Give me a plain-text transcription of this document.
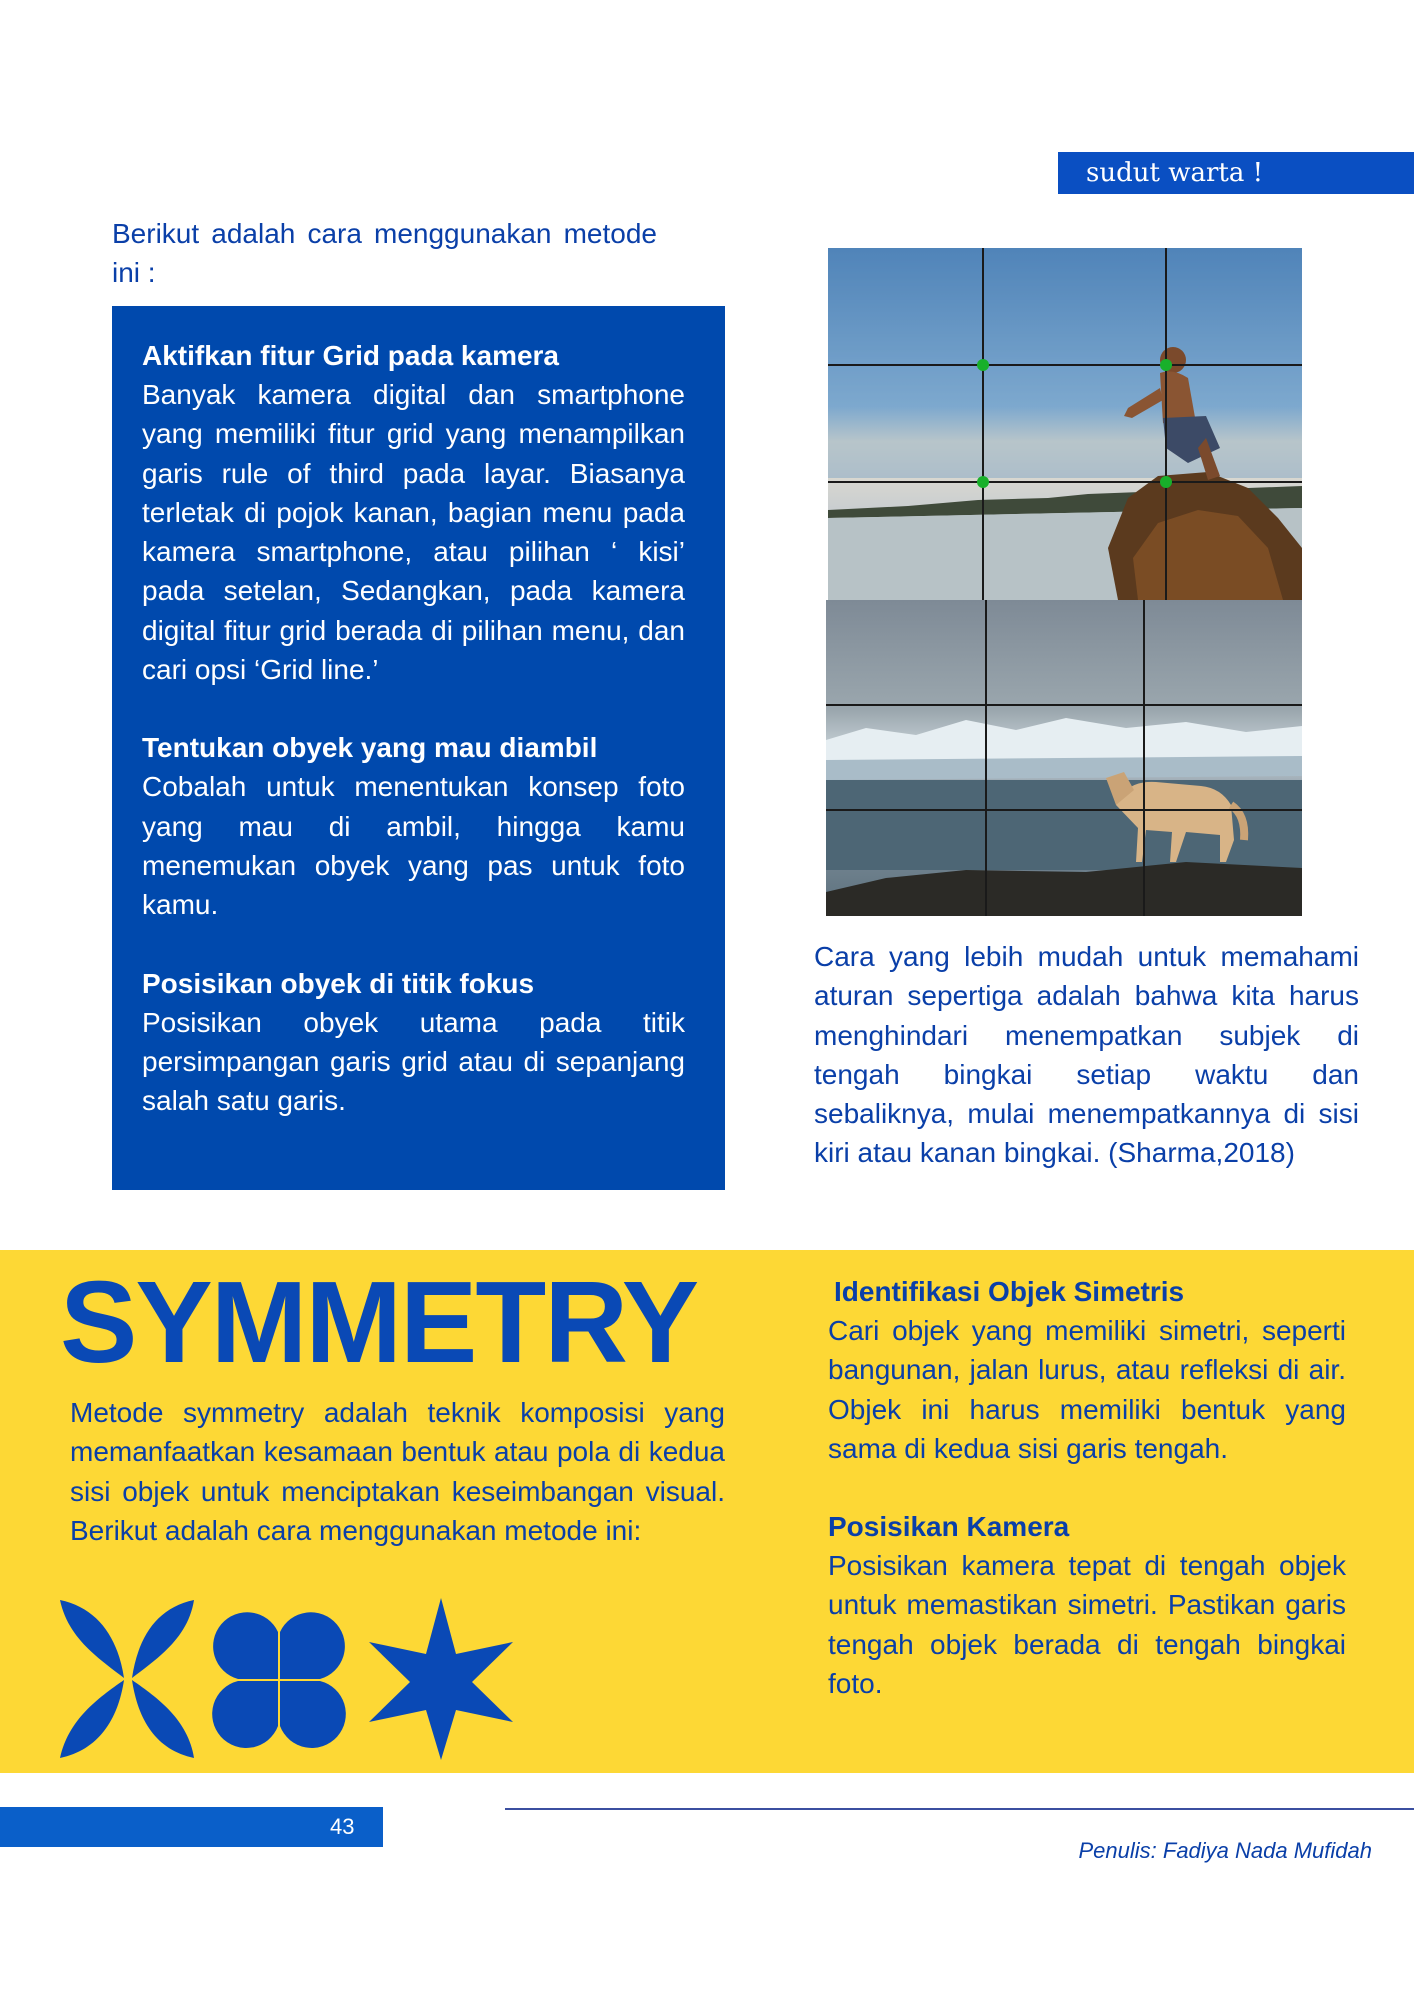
sudut warta !

Berikut adalah cara menggunakan metode ini :

Aktifkan fitur Grid pada kamera
Banyak kamera digital dan smartphone yang memiliki fitur grid yang menampilkan garis rule of third pada layar. Biasanya terletak di pojok kanan, bagian menu pada kamera smartphone, atau pilihan ‘ kisi’ pada setelan, Sedangkan, pada kamera digital fitur grid berada di pilihan menu, dan cari opsi ‘Grid line.’
Tentukan obyek yang mau diambil
Cobalah untuk menentukan konsep foto yang mau di ambil, hingga kamu menemukan obyek yang pas untuk foto kamu.
Posisikan obyek di titik fokus
Posisikan obyek utama pada titik persimpangan garis grid atau di sepanjang salah satu garis.

Cara yang lebih mudah untuk memahami aturan sepertiga adalah bahwa kita harus menghindari menempatkan subjek di tengah bingkai setiap waktu dan sebaliknya, mulai menempatkannya di sisi kiri atau kanan bingkai. (Sharma,2018)

SYMMETRY

Metode symmetry adalah teknik komposisi yang memanfaatkan kesamaan bentuk atau pola di kedua sisi objek untuk menciptakan keseimbangan visual. Berikut adalah cara menggunakan metode ini:

Identifikasi Objek Simetris
Cari objek yang memiliki simetri, seperti bangunan, jalan lurus, atau refleksi di air. Objek ini harus memiliki bentuk yang sama di kedua sisi garis tengah.
Posisikan Kamera
Posisikan kamera tepat di tengah objek untuk memastikan simetri. Pastikan garis tengah objek berada di tengah bingkai foto.
43
Penulis: Fadiya Nada Mufidah
